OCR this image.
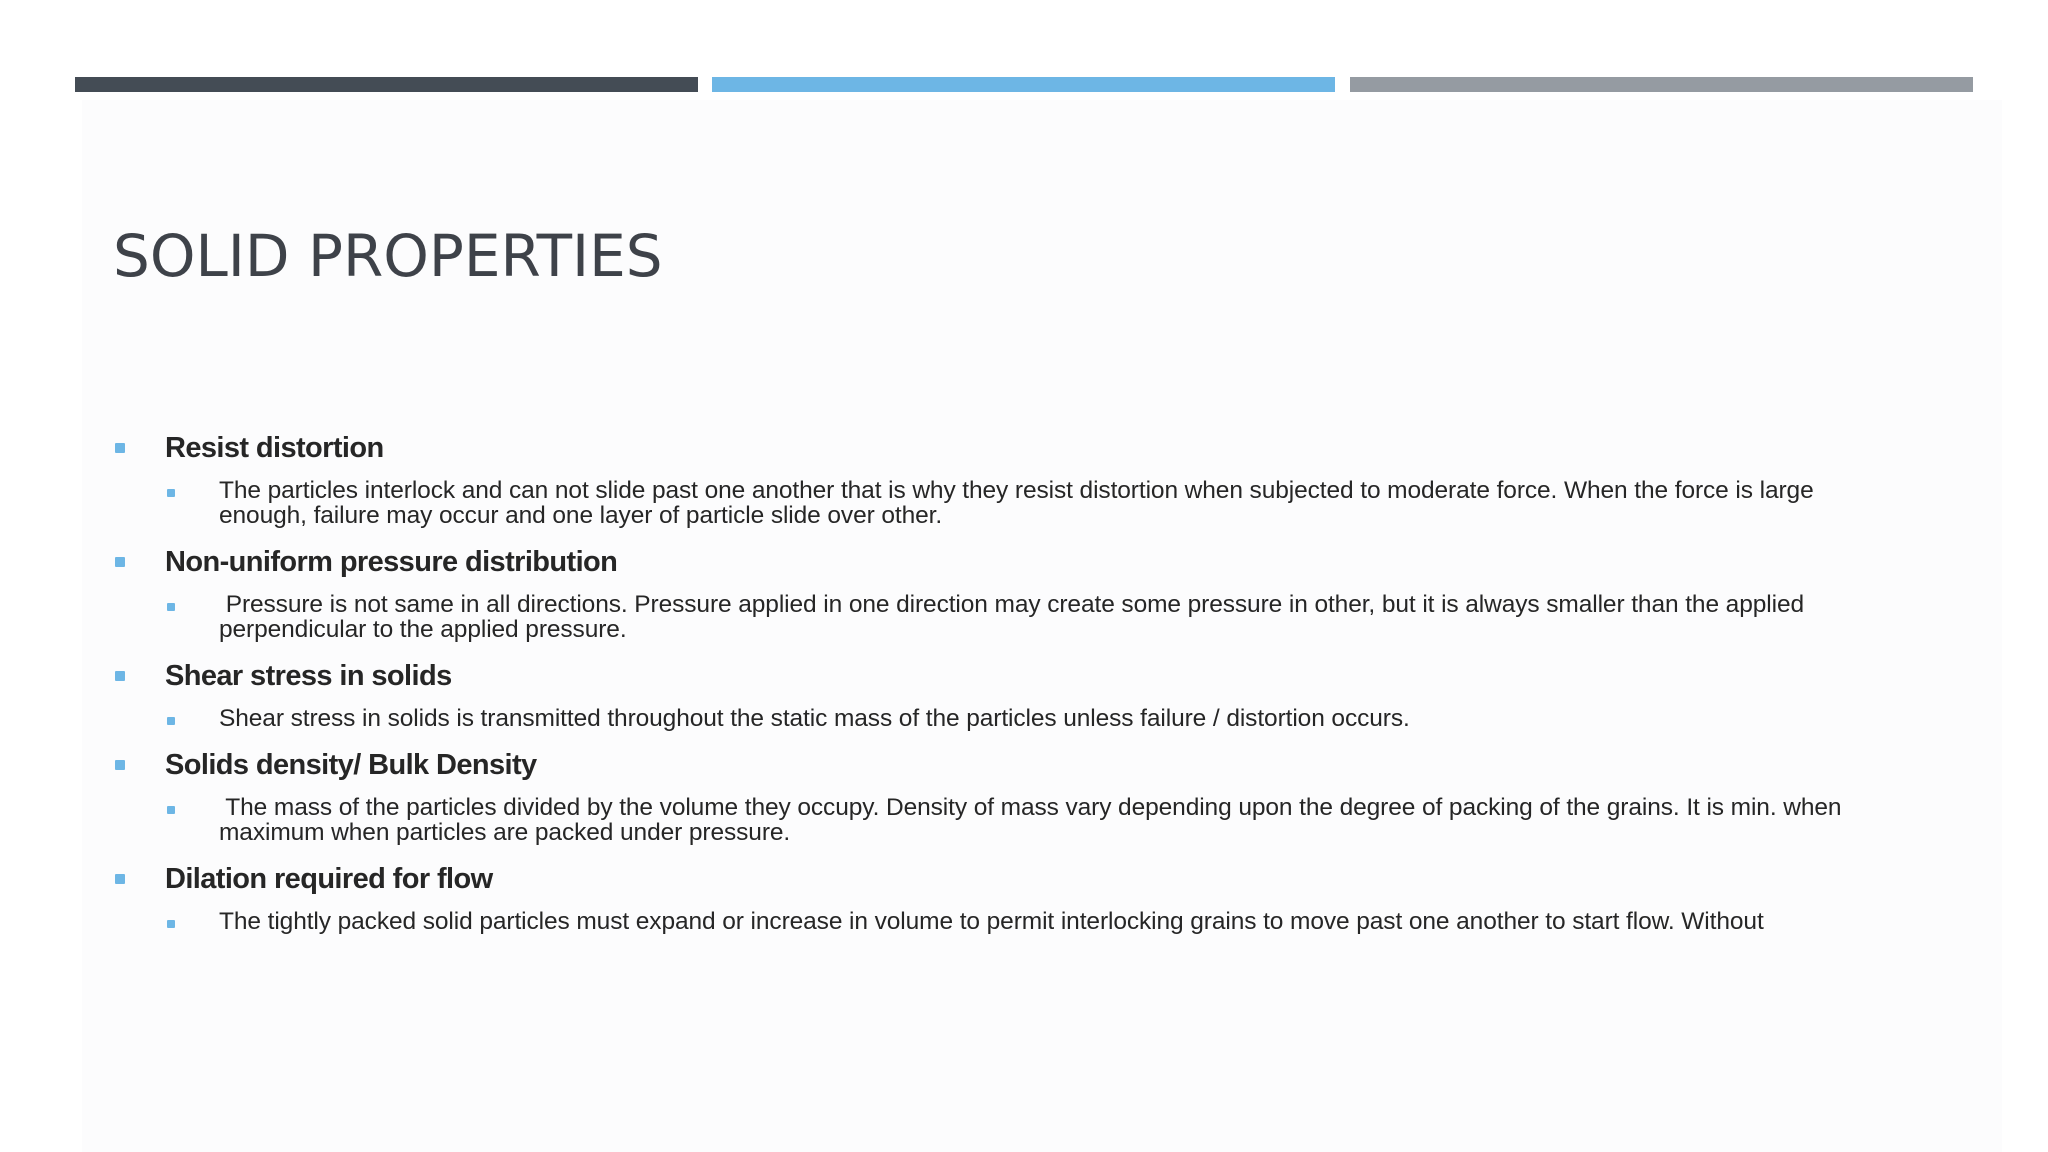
SOLID PROPERTIES
Resist distortion
The particles interlock and can not slide past one another that is why they resist distortion when subjected to moderate force. When the force is large
enough, failure may occur and one layer of particle slide over other.
Non-uniform pressure distribution
Pressure is not same in all directions. Pressure applied in one direction may create some pressure in other, but it is always smaller than the applied
perpendicular to the applied pressure.
Shear stress in solids
Shear stress in solids is transmitted throughout the static mass of the particles unless failure / distortion occurs.
Solids density/ Bulk Density
The mass of the particles divided by the volume they occupy. Density of mass vary depending upon the degree of packing of the grains. It is min. when
maximum when particles are packed under pressure.
Dilation required for flow
The tightly packed solid particles must expand or increase in volume to permit interlocking grains to move past one another to start flow. Without
